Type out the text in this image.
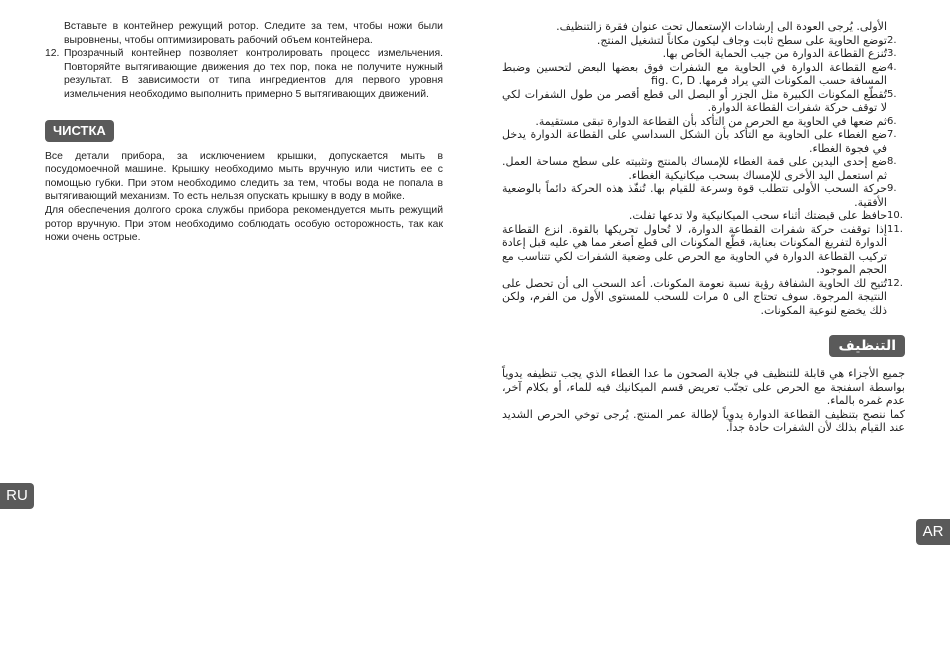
Вставьте в контейнер режущий ротор. Следите за тем, чтобы ножи были выровнены, чтобы оптимизировать рабочий объем контейнера.

12. Прозрачный контейнер позволяет контролировать процесс измельчения. Повторяйте вытягивающие движения до тех пор, пока не получите нужный результат. В зависимости от типа ингредиентов для первого уровня измельчения необходимо выполнить примерно 5 вытягивающих движений.
ЧИСТКА

Все детали прибора, за исключением крышки, допускается мыть в посудомоечной машине. Крышку необходимо мыть вручную или чистить ее с помощью губки. При этом необходимо следить за тем, чтобы вода не попала в вытягивающий механизм. То есть нельзя опускать крышку в воду в мойке.

Для обеспечения долгого срока службы прибора рекомендуется мыть режущий ротор вручную. При этом необходимо соблюдать особую осторожность, так как ножи очень острые.

الأولى. يُرجى العودة الى إرشادات الإستعمال تحت عنوان فقرة زالتنظيف.

2.
توضع الحاوية على سطح ثابت وجاف ليكون مكاناً لتشغيل المنتج.
3.
تُنزع القطاعة الدوارة من جيب الحماية الخاص بها.
4.
ضع القطاعة الدوارة في الحاوية مع الشفرات فوق بعضها البعض لتحسين وضبط المسافة حسب المكونات التي يراد فرمها. fig. C, D
5.
تُقطّع المكونات الكبيرة مثل الجزر أو البصل الى قطع أقصر من طول الشفرات لكي لا توقف حركة شفرات القطاعة الدوارة.
6.
ثم ضعها في الحاوية مع الحرص من التأكد بأن القطاعة الدوارة تبقى مستقيمة.
7.
ضع الغطاء على الحاوية مع التأكد بأن الشكل السداسي على القطاعة الدوارة يدخل في فجوة الغطاء.
8.
ضع إحدى اليدين على قمة الغطاء للإمساك بالمنتج وتثبيته على سطح مساحة العمل. ثم استعمل اليد الأخرى للإمساك بسحب ميكانيكية الغطاء.
9.
حركة السحب الأولى تتطلب قوة وسرعة للقيام بها. تُنفّذ هذه الحركة دائماً بالوضعية الأفقية.
10.
حافظ على قبضتك أثناء سحب الميكانيكية ولا تدعها تفلت.
11.
إذا توقفت حركة شفرات القطاعة الدوارة، لا تُحاول تحريكها بالقوة. انزع القطاعة الدوارة لتفريغ المكونات بعناية، قطّع المكونات الى قطع أصغر مما هي عليه قبل إعادة تركيب القطاعة الدوارة في الحاوية مع الحرص على وضعية الشفرات لكي تتناسب مع الحجم الموجود.
12.
تُتيح لك الحاوية الشفافة رؤية نسبة نعومة المكونات. أعد السحب الى أن تحصل على النتيجة المرجوة. سوف تحتاج الى ٥ مرات للسحب للمستوى الأول من الفرم، ولكن ذلك يخضع لنوعية المكونات.
التنظيف

جميع الأجزاء هي قابلة للتنظيف في جلاية الصحون ما عدا الغطاء الذي يجب تنظيفه يدوياً بواسطة اسفنجة مع الحرص على تجنّب تعريض قسم الميكانيك فيه للماء، أو بكلام آخر، عدم غمره بالماء.

كما ننصح بتنظيف القطاعة الدوارة يدوياً لإطالة عمر المنتج. يُرجى توخي الحرص الشديد عند القيام بذلك لأن الشفرات حادة جداً.

RU
AR
